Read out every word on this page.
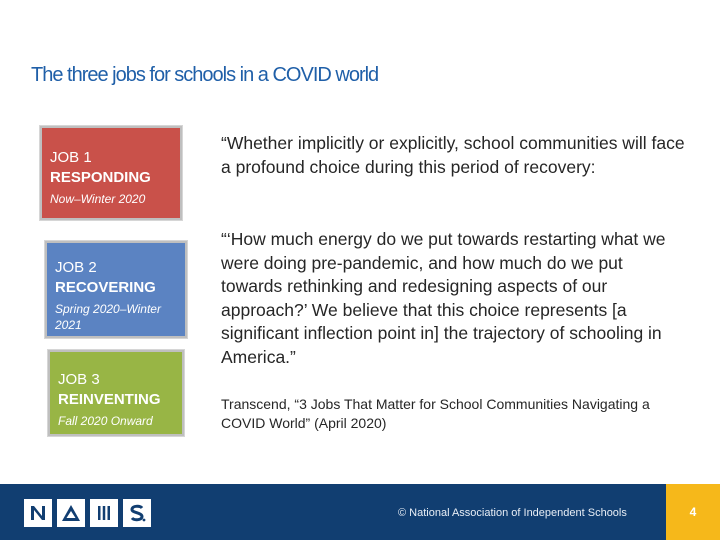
The three jobs for schools in a COVID world
JOB 1
RESPONDING
Now–Winter 2020
JOB 2
RECOVERING
Spring 2020–Winter 2021
JOB 3
REINVENTING
Fall 2020 Onward
“Whether implicitly or explicitly, school communities will face a profound choice during this period of recovery:
“‘How much energy do we put towards restarting what we were doing pre-pandemic, and how much do we put towards rethinking and redesigning aspects of our approach?’ We believe that this choice represents [a significant inflection point in] the trajectory of schooling in America.”
Transcend, “3 Jobs That Matter for School Communities Navigating a COVID World” (April 2020)
© National Association of Independent Schools	4
